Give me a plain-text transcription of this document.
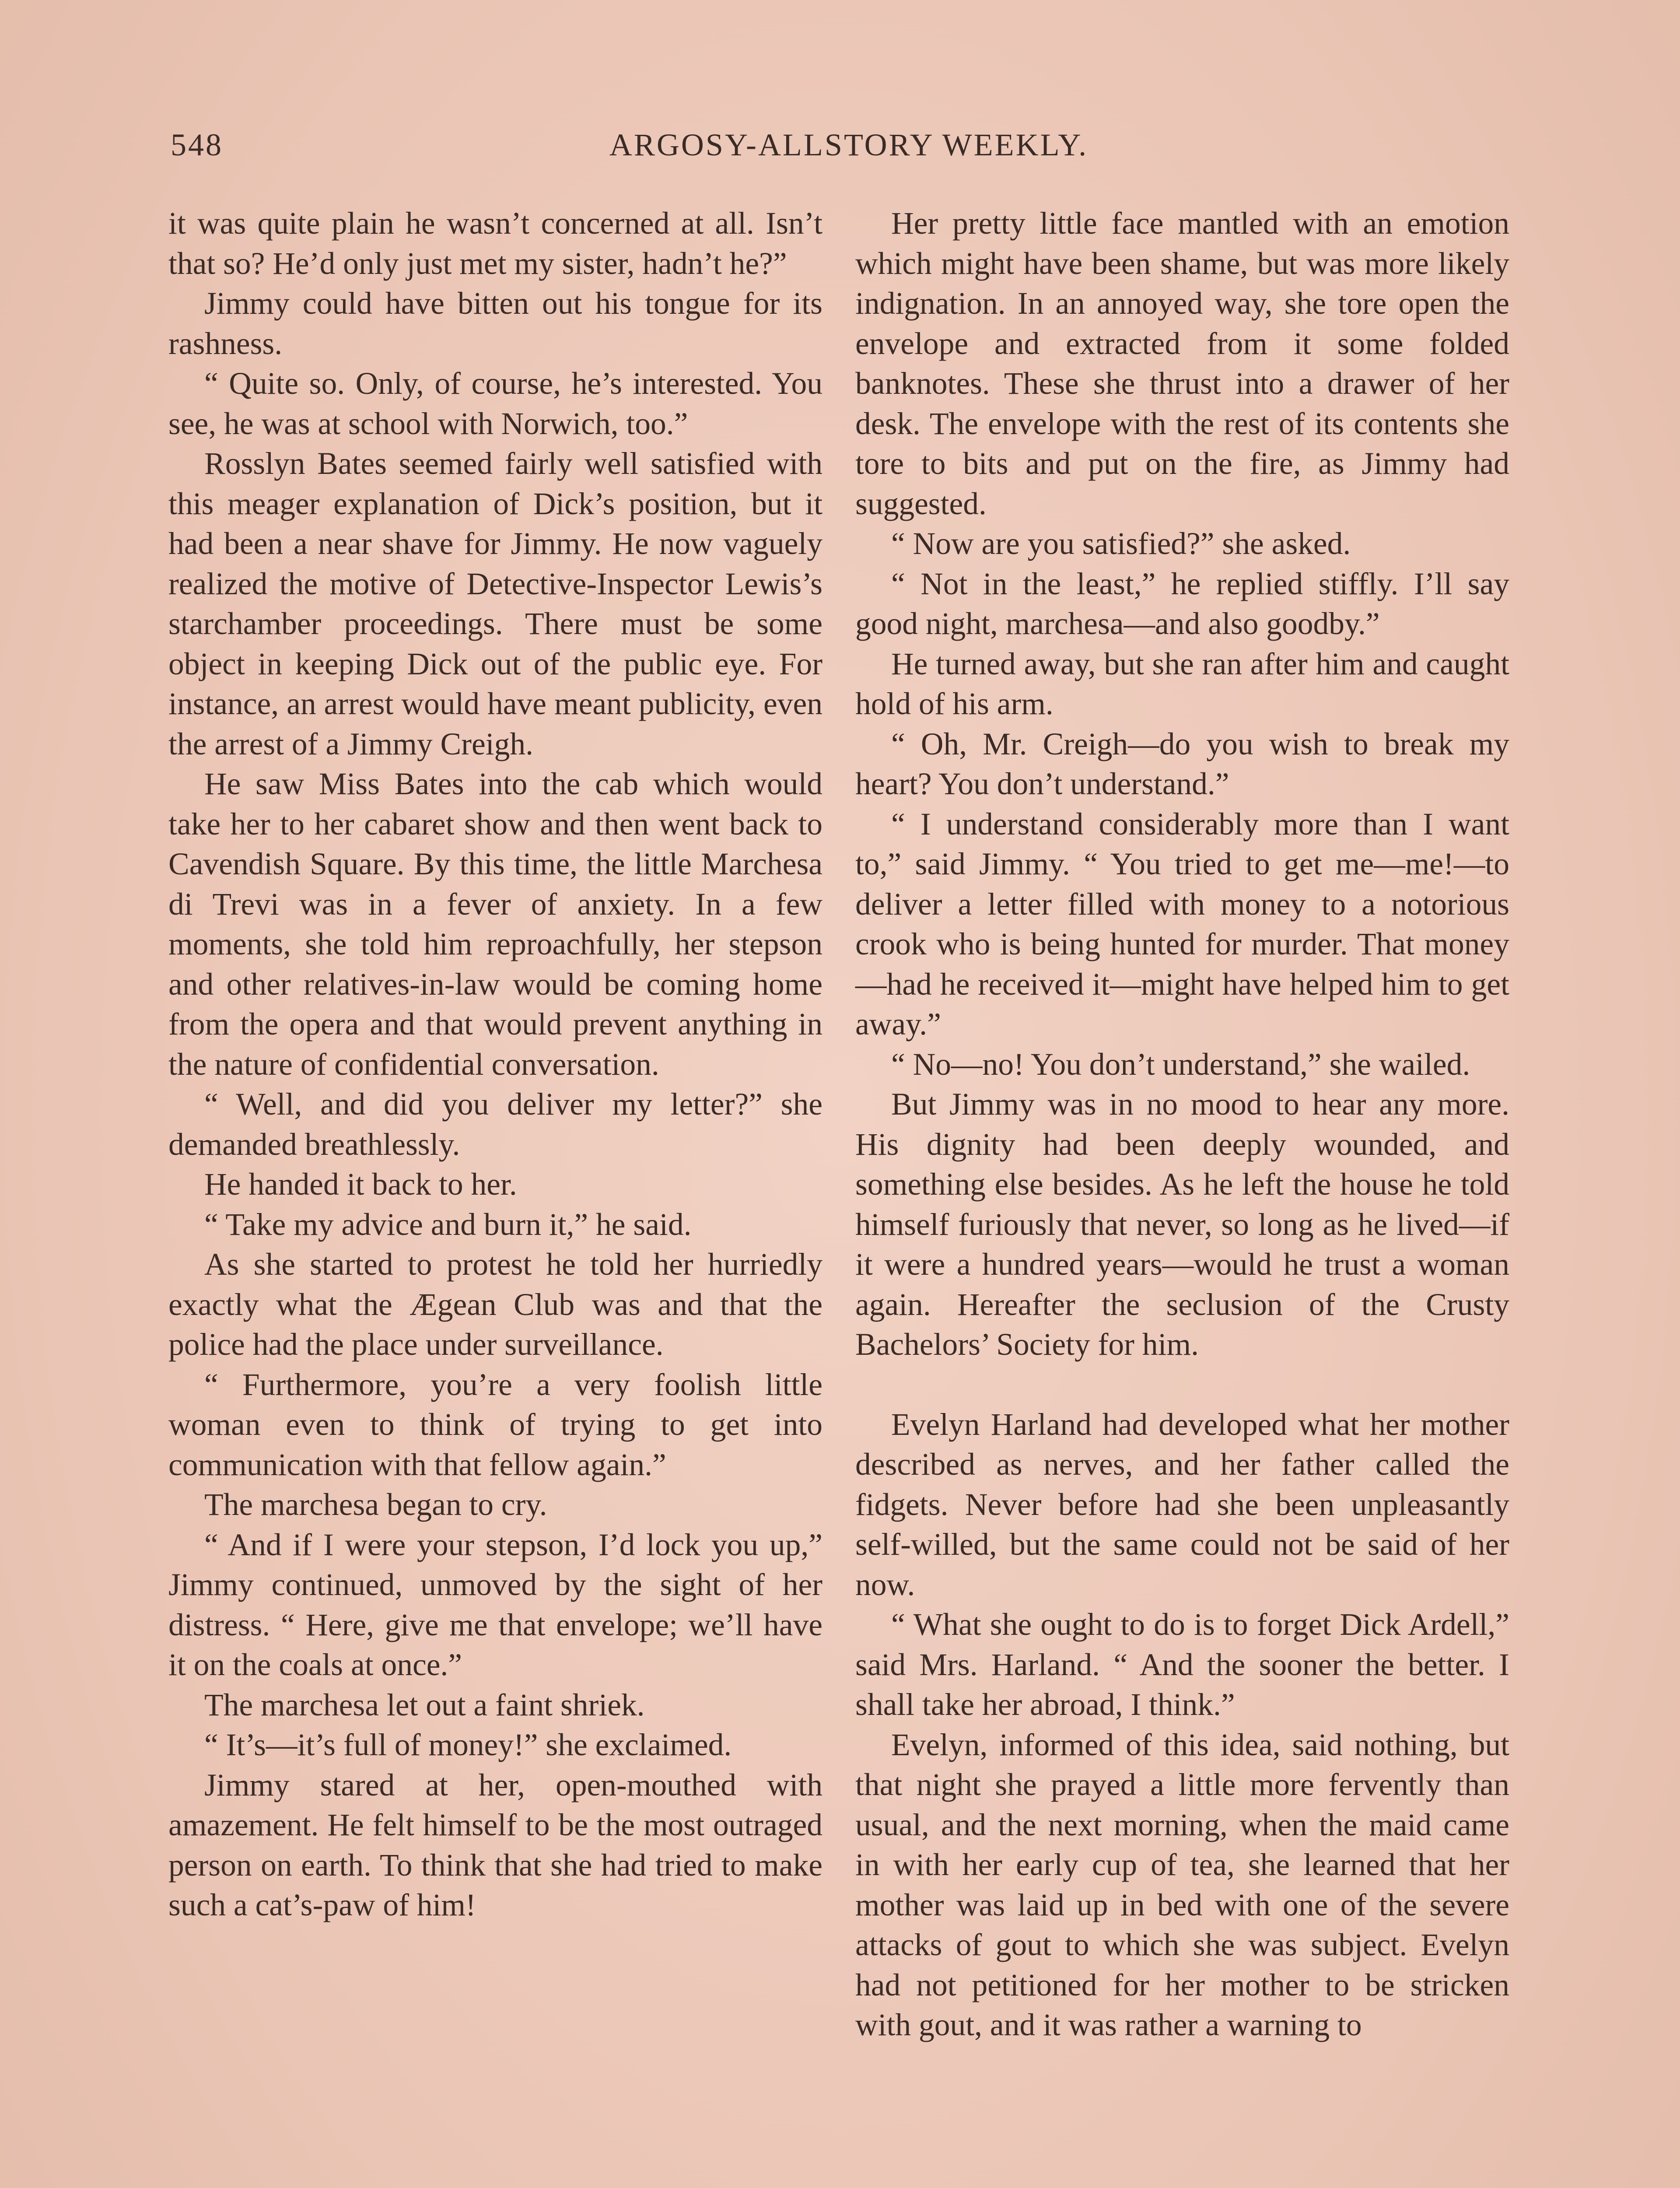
548	ARGOSY-ALLSTORY WEEKLY.

it was quite plain he wasn’t concerned at all. Isn’t that so? He’d only just met my sister, hadn’t he?”

Jimmy could have bitten out his tongue for its rashness.

“ Quite so. Only, of course, he’s interested. You see, he was at school with Norwich, too.”

Rosslyn Bates seemed fairly well satisfied with this meager explanation of Dick’s position, but it had been a near shave for Jimmy. He now vaguely realized the motive of Detective-Inspector Lewis’s starchamber proceedings. There must be some object in keeping Dick out of the public eye. For instance, an arrest would have meant publicity, even the arrest of a Jimmy Creigh.

He saw Miss Bates into the cab which would take her to her cabaret show and then went back to Cavendish Square. By this time, the little Marchesa di Trevi was in a fever of anxiety. In a few moments, she told him reproachfully, her stepson and other relatives-in-law would be coming home from the opera and that would prevent anything in the nature of confidential conversation.

“ Well, and did you deliver my letter?” she demanded breathlessly.

He handed it back to her.

“ Take my advice and burn it,” he said.

As she started to protest he told her hurriedly exactly what the Ægean Club was and that the police had the place under surveillance.

“ Furthermore, you’re a very foolish little woman even to think of trying to get into communication with that fellow again.”

The marchesa began to cry.

“ And if I were your stepson, I’d lock you up,” Jimmy continued, unmoved by the sight of her distress. “ Here, give me that envelope; we’ll have it on the coals at once.”

The marchesa let out a faint shriek.

“ It’s—it’s full of money!” she exclaimed.

Jimmy stared at her, open-mouthed with amazement. He felt himself to be the most outraged person on earth. To think that she had tried to make such a cat’s-paw of him!

Her pretty little face mantled with an emotion which might have been shame, but was more likely indignation. In an annoyed way, she tore open the envelope and extracted from it some folded banknotes. These she thrust into a drawer of her desk. The envelope with the rest of its contents she tore to bits and put on the fire, as Jimmy had suggested.

“ Now are you satisfied?” she asked.

“ Not in the least,” he replied stiffly. I’ll say good night, marchesa—and also goodby.”

He turned away, but she ran after him and caught hold of his arm.

“ Oh, Mr. Creigh—do you wish to break my heart? You don’t understand.”

“ I understand considerably more than I want to,” said Jimmy. “ You tried to get me—me!—to deliver a letter filled with money to a notorious crook who is being hunted for murder. That money—had he received it—might have helped him to get away.”

“ No—no! You don’t understand,” she wailed.

But Jimmy was in no mood to hear any more. His dignity had been deeply wounded, and something else besides. As he left the house he told himself furiously that never, so long as he lived—if it were a hundred years—would he trust a woman again. Hereafter the seclusion of the Crusty Bachelors’ Society for him.

Evelyn Harland had developed what her mother described as nerves, and her father called the fidgets. Never before had she been unpleasantly self-willed, but the same could not be said of her now.

“ What she ought to do is to forget Dick Ardell,” said Mrs. Harland. “ And the sooner the better. I shall take her abroad, I think.”

Evelyn, informed of this idea, said nothing, but that night she prayed a little more fervently than usual, and the next morning, when the maid came in with her early cup of tea, she learned that her mother was laid up in bed with one of the severe attacks of gout to which she was subject. Evelyn had not petitioned for her mother to be stricken with gout, and it was rather a warning to
